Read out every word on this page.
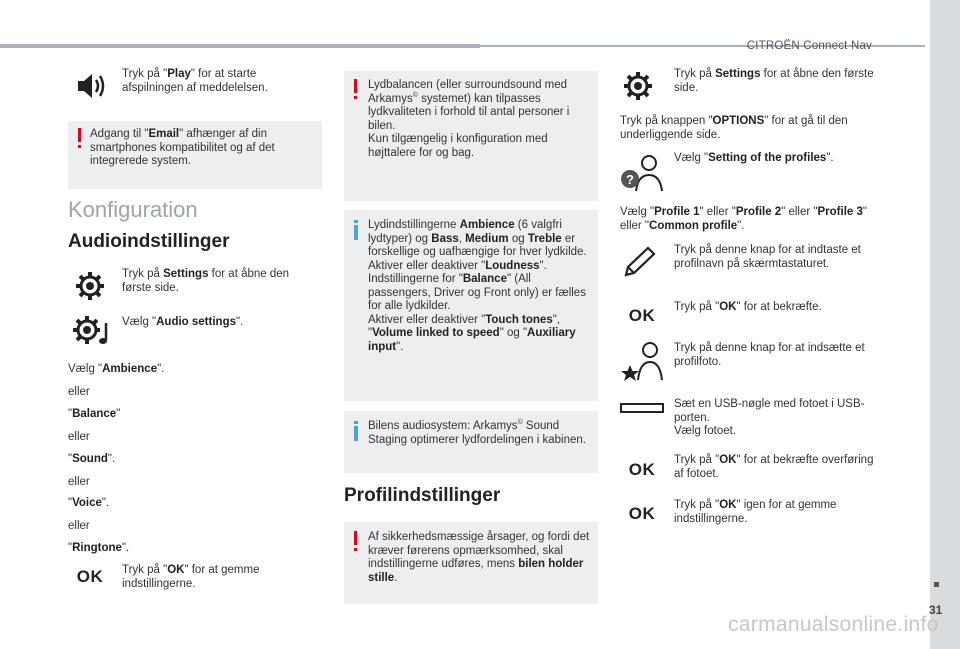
CITROËN Connect Nav
31
carmanualsonline.info
Tryk på "Play" for at starte afspilningen af meddelelsen.
Adgang til "Email" afhænger af din smartphones kompatibilitet og af det integrerede system.
Konfiguration
Audioindstillinger
Tryk på Settings for at åbne den første side.
Vælg "Audio settings".
Vælg "Ambience".
eller
"Balance"
eller
"Sound".
eller
"Voice".
eller
"Ringtone".
OK	Tryk på "OK" for at gemme indstillingerne.
Lydbalancen (eller surroundsound med Arkamys© systemet) kan tilpasses lydkvaliteten i forhold til antal personer i bilen.
Kun tilgængelig i konfiguration med højttalere for og bag.
Lydindstillingerne Ambience (6 valgfri lydtyper) og Bass, Medium og Treble er forskellige og uafhængige for hver lydkilde.
Aktiver eller deaktiver "Loudness".
Indstillingerne for "Balance" (All passengers, Driver og Front only) er fælles for alle lydkilder.
Aktiver eller deaktiver "Touch tones", "Volume linked to speed" og "Auxiliary input".
Bilens audiosystem: Arkamys© Sound Staging optimerer lydfordelingen i kabinen.
Profilindstillinger
Af sikkerhedsmæssige årsager, og fordi det kræver førerens opmærksomhed, skal indstillingerne udføres, mens bilen holder stille.
Tryk på Settings for at åbne den første side.
Tryk på knappen "OPTIONS" for at gå til den underliggende side.
?
Vælg "Setting of the profiles".
Vælg "Profile 1" eller "Profile 2" eller "Profile 3" eller "Common profile".
Tryk på denne knap for at indtaste et profilnavn på skærmtastaturet.
OK	Tryk på "OK" for at bekræfte.
Tryk på denne knap for at indsætte et profilfoto.
Sæt en USB-nøgle med fotoet i USB-porten.
Vælg fotoet.
OK
Tryk på "OK" for at bekræfte overføring af fotoet.
OK	Tryk på "OK" igen for at gemme indstillingerne.
